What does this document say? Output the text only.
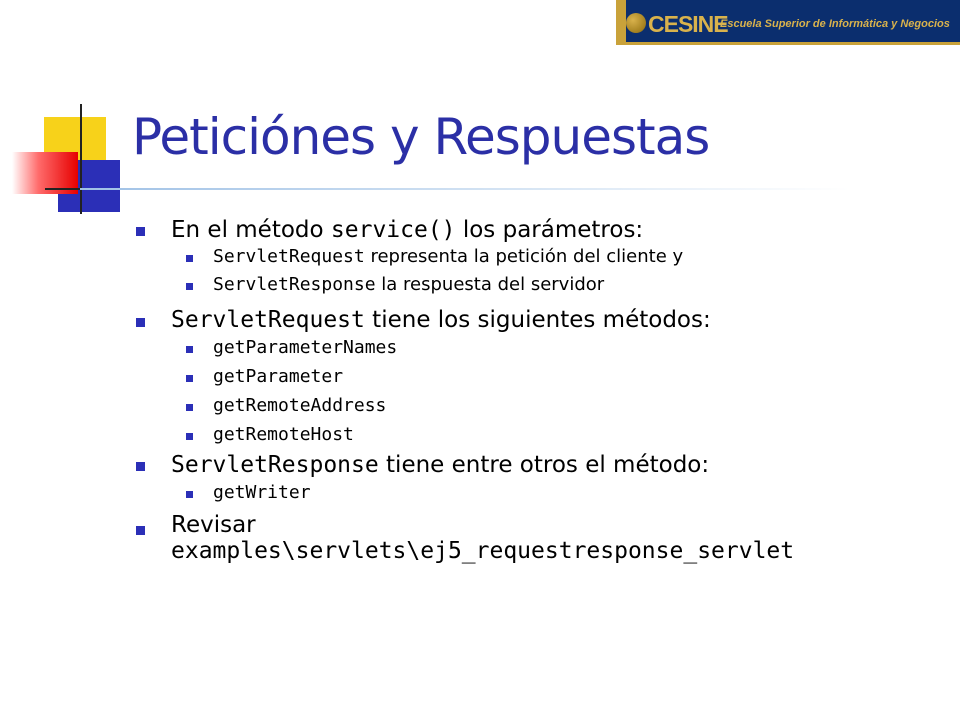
CESINE
Escuela Superior de Informática y Negocios
Peticiónes y Respuestas
En el método service() los parámetros:
ServletRequest representa la petición del cliente y
ServletResponse la respuesta del servidor
ServletRequest tiene los siguientes métodos:
getParameterNames
getParameter
getRemoteAddress
getRemoteHost
ServletResponse tiene entre otros el método:
getWriter
Revisar
examples\servlets\ej5_requestresponse_servlet
